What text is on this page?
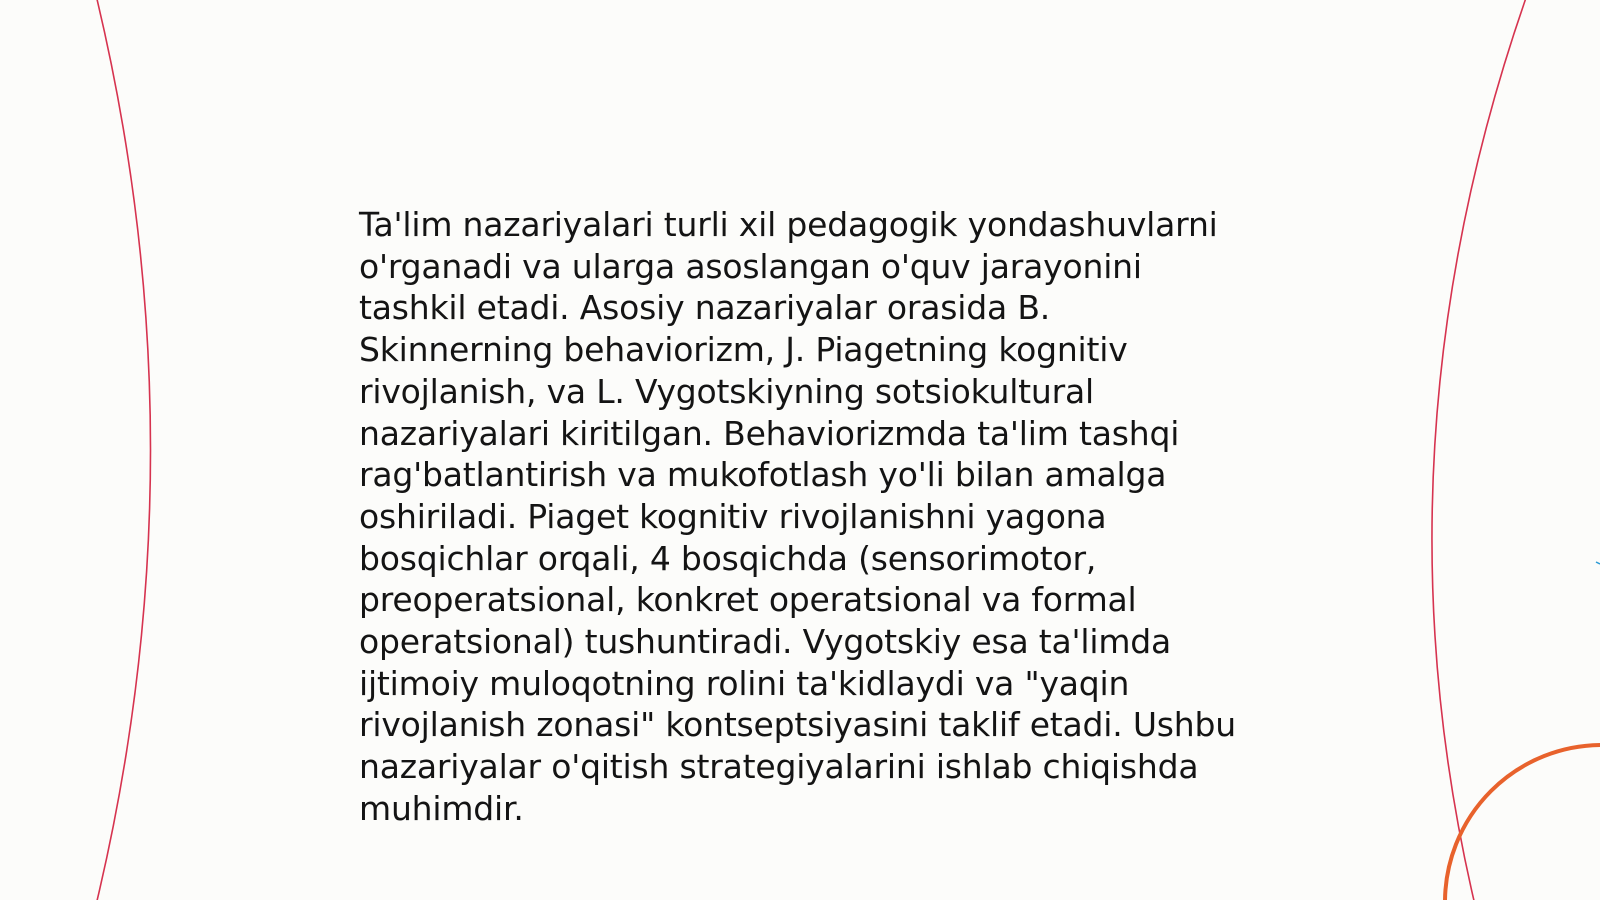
Ta'lim nazariyalari turli xil pedagogik yondashuvlarni
o'rganadi va ularga asoslangan o'quv jarayonini
tashkil etadi. Asosiy nazariyalar orasida B.
Skinnerning behaviorizm, J. Piagetning kognitiv
rivojlanish, va L. Vygotskiyning sotsiokultural
nazariyalari kiritilgan. Behaviorizmda ta'lim tashqi
rag'batlantirish va mukofotlash yo'li bilan amalga
oshiriladi. Piaget kognitiv rivojlanishni yagona
bosqichlar orqali, 4 bosqichda (sensorimotor,
preoperatsional, konkret operatsional va formal
operatsional) tushuntiradi. Vygotskiy esa ta'limda
ijtimoiy muloqotning rolini ta'kidlaydi va "yaqin
rivojlanish zonasi" kontseptsiyasini taklif etadi. Ushbu
nazariyalar o'qitish strategiyalarini ishlab chiqishda
muhimdir.
